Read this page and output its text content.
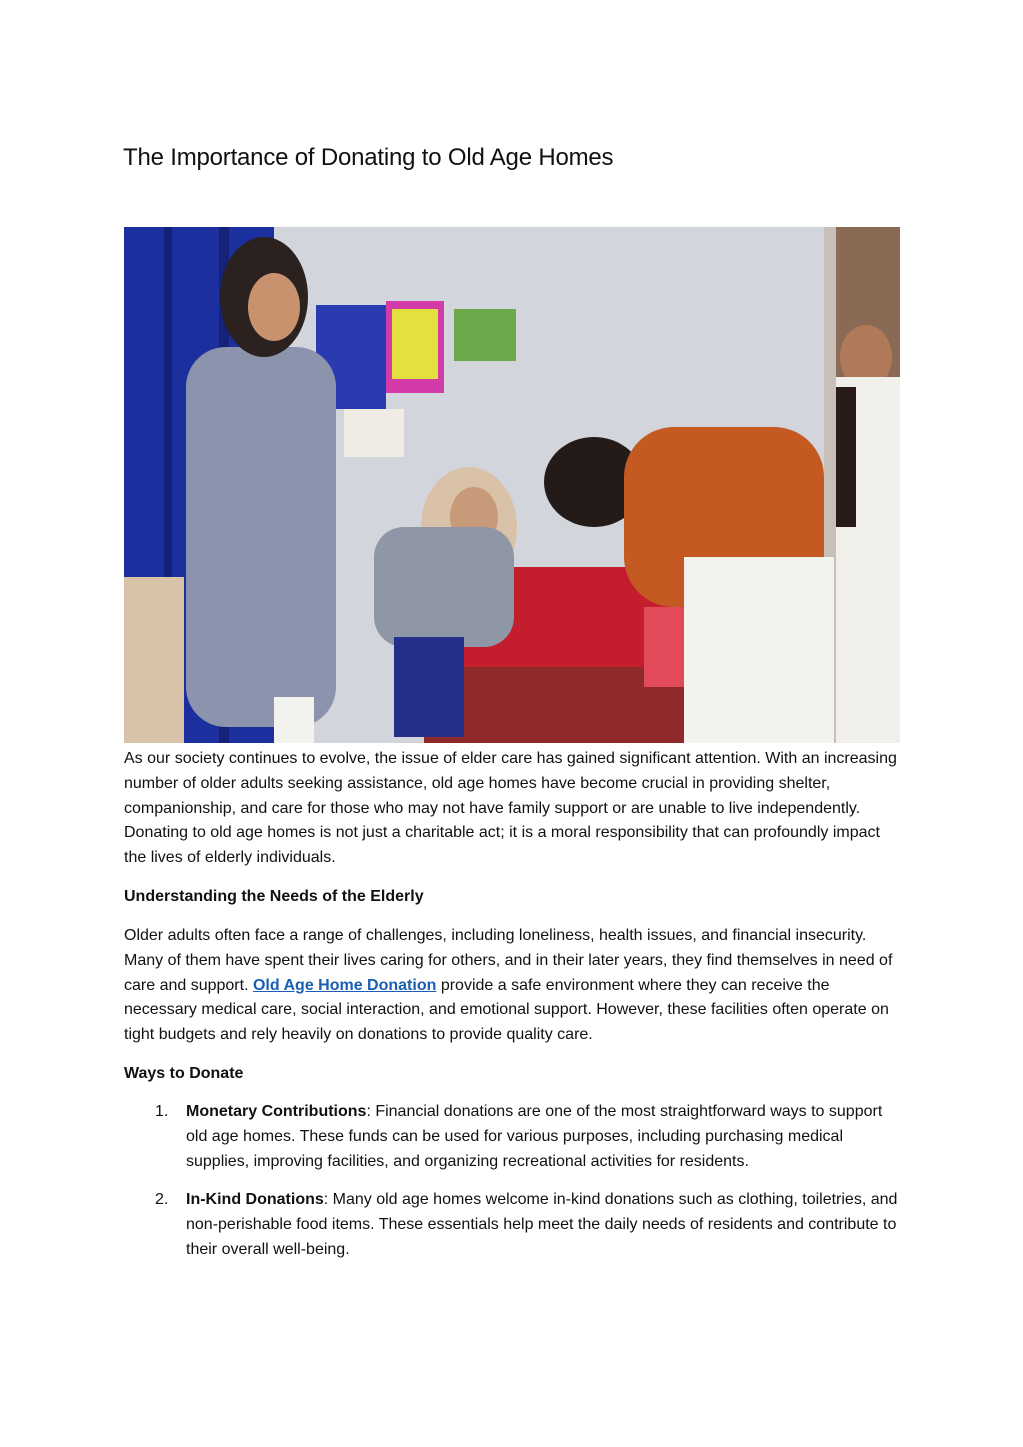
The Importance of Donating to Old Age Homes

As our society continues to evolve, the issue of elder care has gained significant attention. With an increasing number of older adults seeking assistance, old age homes have become crucial in providing shelter, companionship, and care for those who may not have family support or are unable to live independently. Donating to old age homes is not just a charitable act; it is a moral responsibility that can profoundly impact the lives of elderly individuals.

Understanding the Needs of the Elderly

Older adults often face a range of challenges, including loneliness, health issues, and financial insecurity. Many of them have spent their lives caring for others, and in their later years, they find themselves in need of care and support. Old Age Home Donation provide a safe environment where they can receive the necessary medical care, social interaction, and emotional support. However, these facilities often operate on tight budgets and rely heavily on donations to provide quality care.

Ways to Donate

1. Monetary Contributions: Financial donations are one of the most straightforward ways to support old age homes. These funds can be used for various purposes, including purchasing medical supplies, improving facilities, and organizing recreational activities for residents.
2. In-Kind Donations: Many old age homes welcome in-kind donations such as clothing, toiletries, and non-perishable food items. These essentials help meet the daily needs of residents and contribute to their overall well-being.
